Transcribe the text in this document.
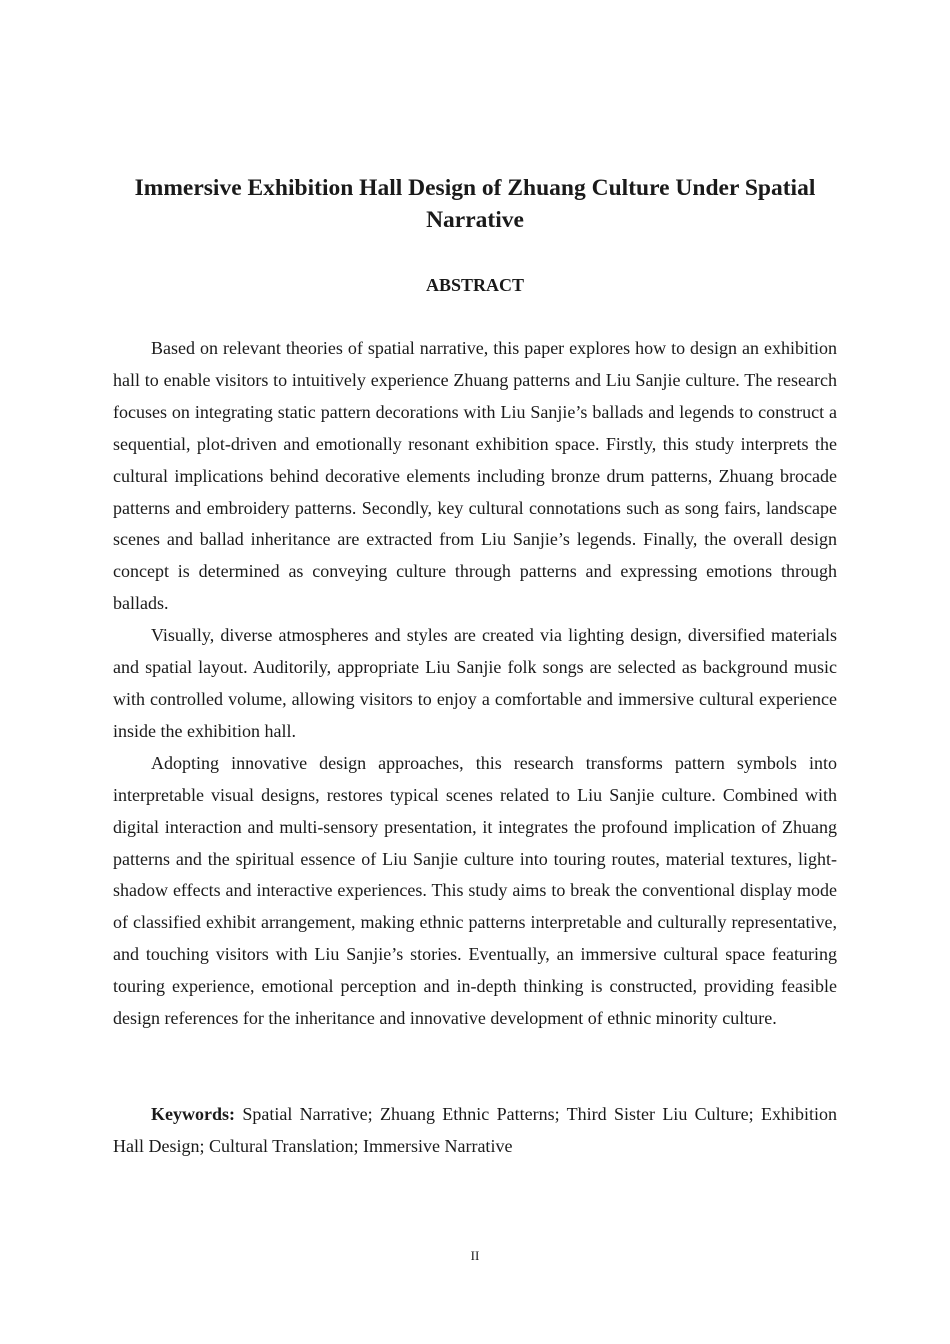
Immersive Exhibition Hall Design of Zhuang Culture Under Spatial Narrative
ABSTRACT

Based on relevant theories of spatial narrative, this paper explores how to design an exhibition hall to enable visitors to intuitively experience Zhuang patterns and Liu Sanjie culture. The research focuses on integrating static pattern decorations with Liu Sanjie’s ballads and legends to construct a sequential, plot-driven and emotionally resonant exhibition space. Firstly, this study interprets the cultural implications behind decorative elements including bronze drum patterns, Zhuang brocade patterns and embroidery patterns. Secondly, key cultural connotations such as song fairs, landscape scenes and ballad inheritance are extracted from Liu Sanjie’s legends. Finally, the overall design concept is determined as conveying culture through patterns and expressing emotions through ballads.

Visually, diverse atmospheres and styles are created via lighting design, diversified materials and spatial layout. Auditorily, appropriate Liu Sanjie folk songs are selected as background music with controlled volume, allowing visitors to enjoy a comfortable and immersive cultural experience inside the exhibition hall.

Adopting innovative design approaches, this research transforms pattern symbols into interpretable visual designs, restores typical scenes related to Liu Sanjie culture. Combined with digital interaction and multi-sensory presentation, it integrates the profound implication of Zhuang patterns and the spiritual essence of Liu Sanjie culture into touring routes, material textures, light-shadow effects and interactive experiences. This study aims to break the conventional display mode of classified exhibit arrangement, making ethnic patterns interpretable and culturally representative, and touching visitors with Liu Sanjie’s stories. Eventually, an immersive cultural space featuring touring experience, emotional perception and in-depth thinking is constructed, providing feasible design references for the inheritance and innovative development of ethnic minority culture.

Keywords: Spatial Narrative; Zhuang Ethnic Patterns; Third Sister Liu Culture; Exhibition Hall Design; Cultural Translation; Immersive Narrative

II
